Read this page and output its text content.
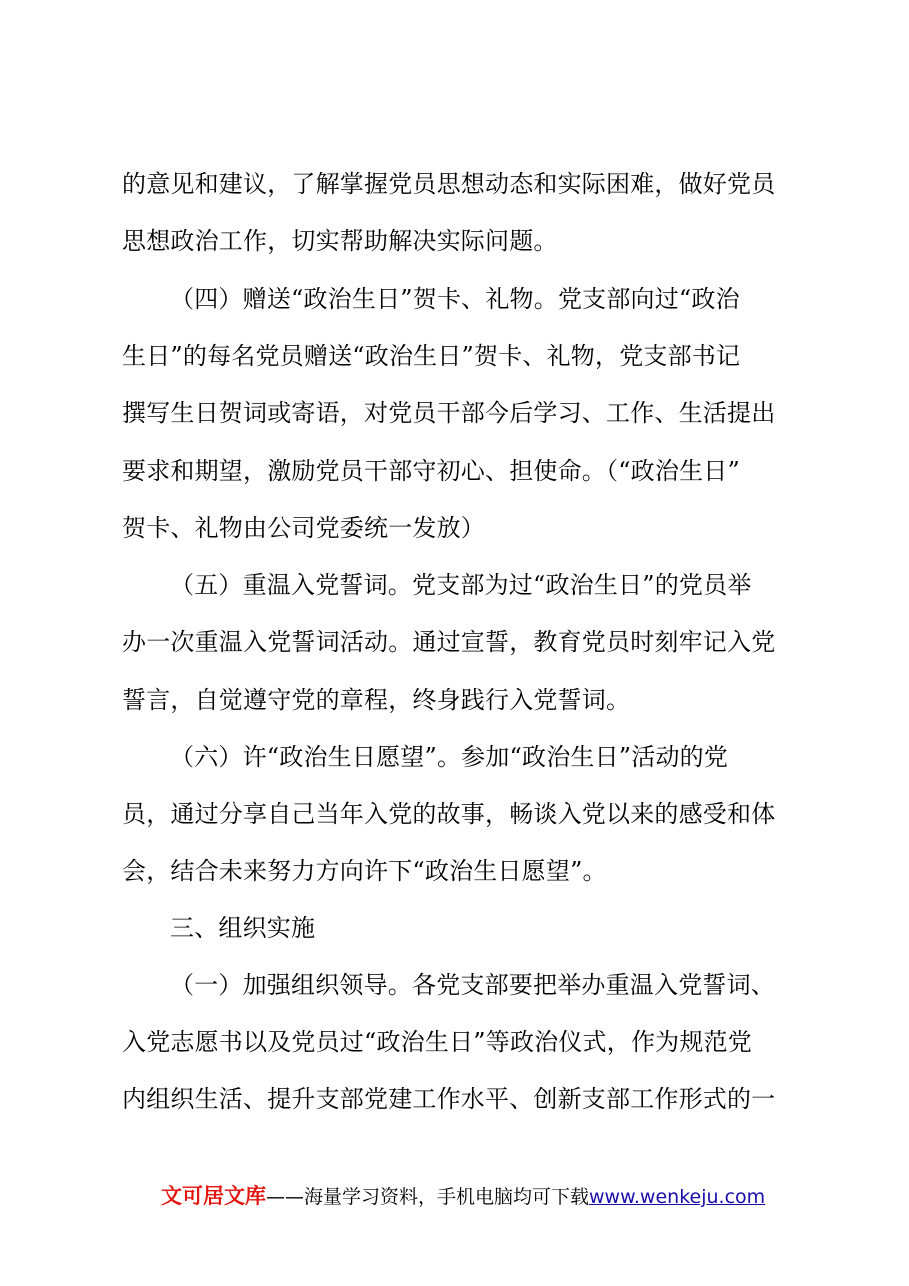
的意见和建议，了解掌握党员思想动态和实际困难，做好党员
思想政治工作，切实帮助解决实际问题。
（四）赠送“政治生日”贺卡、礼物。党支部向过“政治
生日”的每名党员赠送“政治生日”贺卡、礼物，党支部书记
撰写生日贺词或寄语，对党员干部今后学习、工作、生活提出
要求和期望，激励党员干部守初心、担使命。（“政治生日”
贺卡、礼物由公司党委统一发放）
（五）重温入党誓词。党支部为过“政治生日”的党员举
办一次重温入党誓词活动。通过宣誓，教育党员时刻牢记入党
誓言，自觉遵守党的章程，终身践行入党誓词。
（六）许“政治生日愿望”。参加“政治生日”活动的党
员，通过分享自己当年入党的故事，畅谈入党以来的感受和体
会，结合未来努力方向许下“政治生日愿望”。
三、组织实施
（一）加强组织领导。各党支部要把举办重温入党誓词、
入党志愿书以及党员过“政治生日”等政治仪式，作为规范党
内组织生活、提升支部党建工作水平、创新支部工作形式的一
文可居文库——海量学习资料，手机电脑均可下载www.wenkeju.com
